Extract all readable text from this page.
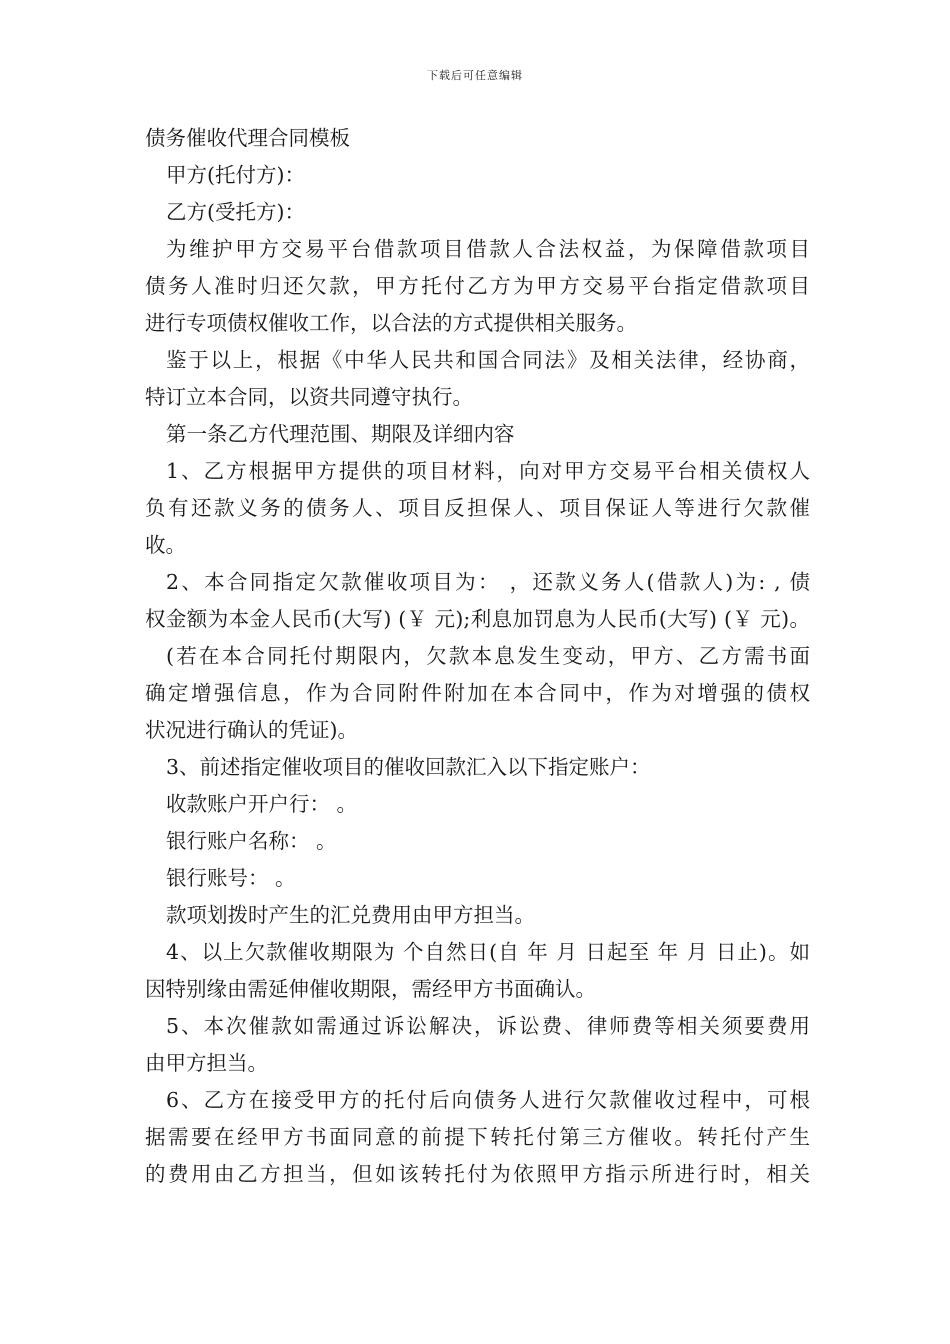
下载后可任意编辑

债务催收代理合同模板

甲方(托付方)：

乙方(受托方)：

为维护甲方交易平台借款项目借款人合法权益，为保障借款项目

债务人准时归还欠款，甲方托付乙方为甲方交易平台指定借款项目

进行专项债权催收工作，以合法的方式提供相关服务。

鉴于以上，根据《中华人民共和国合同法》及相关法律，经协商，

特订立本合同，以资共同遵守执行。

第一条乙方代理范围、期限及详细内容

1、乙方根据甲方提供的项目材料，向对甲方交易平台相关债权人

负有还款义务的债务人、项目反担保人、项目保证人等进行欠款催

收。

2、本合同指定欠款催收项目为： ，还款义务人(借款人)为: , 债

权金额为本金人民币(大写) (￥ 元);利息加罚息为人民币(大写) (￥ 元)。

(若在本合同托付期限内，欠款本息发生变动，甲方、乙方需书面

确定增强信息，作为合同附件附加在本合同中，作为对增强的债权

状况进行确认的凭证)。

3、前述指定催收项目的催收回款汇入以下指定账户：

收款账户开户行： 。

银行账户名称： 。

银行账号： 。

款项划拨时产生的汇兑费用由甲方担当。

4、以上欠款催收期限为 个自然日(自 年 月 日起至 年 月 日止)。如

因特别缘由需延伸催收期限，需经甲方书面确认。

5、本次催款如需通过诉讼解决，诉讼费、律师费等相关须要费用

由甲方担当。

6、乙方在接受甲方的托付后向债务人进行欠款催收过程中，可根

据需要在经甲方书面同意的前提下转托付第三方催收。转托付产生

的费用由乙方担当，但如该转托付为依照甲方指示所进行时，相关
